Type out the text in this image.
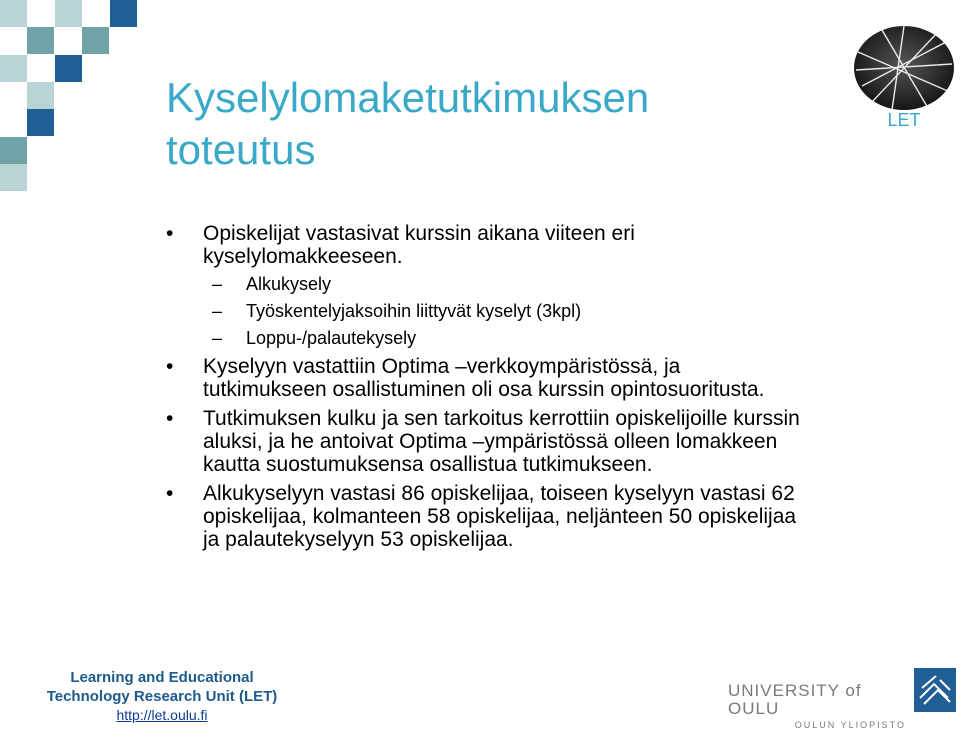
Kyselylomaketutkimuksen
toteutus
• Opiskelijat vastasivat kurssin aikana viiteen eri kyselylomakkeeseen.
– Alkukysely
– Työskentelyjaksoihin liittyvät kyselyt (3kpl)
– Loppu-/palautekysely
• Kyselyyn vastattiin Optima –verkkoympäristössä, ja tutkimukseen osallistuminen oli osa kurssin opintosuoritusta.
• Tutkimuksen kulku ja sen tarkoitus kerrottiin opiskelijoille kurssin aluksi, ja he antoivat Optima –ympäristössä olleen lomakkeen kautta suostumuksensa osallistua tutkimukseen.
• Alkukyselyyn vastasi 86 opiskelijaa, toiseen kyselyyn vastasi 62 opiskelijaa, kolmanteen 58 opiskelijaa, neljänteen 50 opiskelijaa ja palautekyselyyn 53 opiskelijaa.
LET
Learning and Educational
Technology Research Unit (LET)
http://let.oulu.fi
UNIVERSITY of OULU
OULUN YLIOPISTO
